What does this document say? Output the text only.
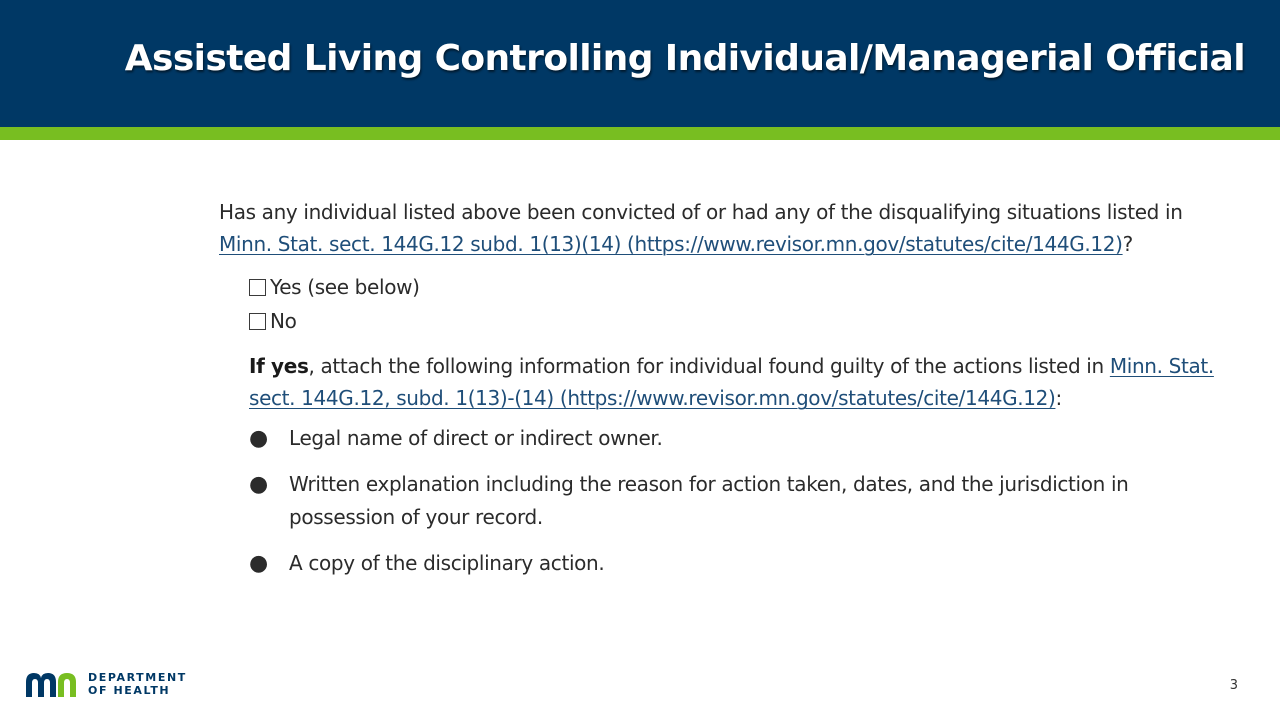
Assisted Living Controlling Individual/Managerial Official

Has any individual listed above been convicted of or had any of the disqualifying situations listed in Minn. Stat. sect. 144G.12 subd. 1(13)(14) (https://www.revisor.mn.gov/statutes/cite/144G.12)?

Yes (see below)
No

If yes, attach the following information for individual found guilty of the actions listed in Minn. Stat. sect. 144G.12, subd. 1(13)-(14) (https://www.revisor.mn.gov/statutes/cite/144G.12):

●	Legal name of direct or indirect owner.
●	Written explanation including the reason for action taken, dates, and the jurisdiction in possession of your record.
●	A copy of the disciplinary action.
DEPARTMENT
OF HEALTH	3
